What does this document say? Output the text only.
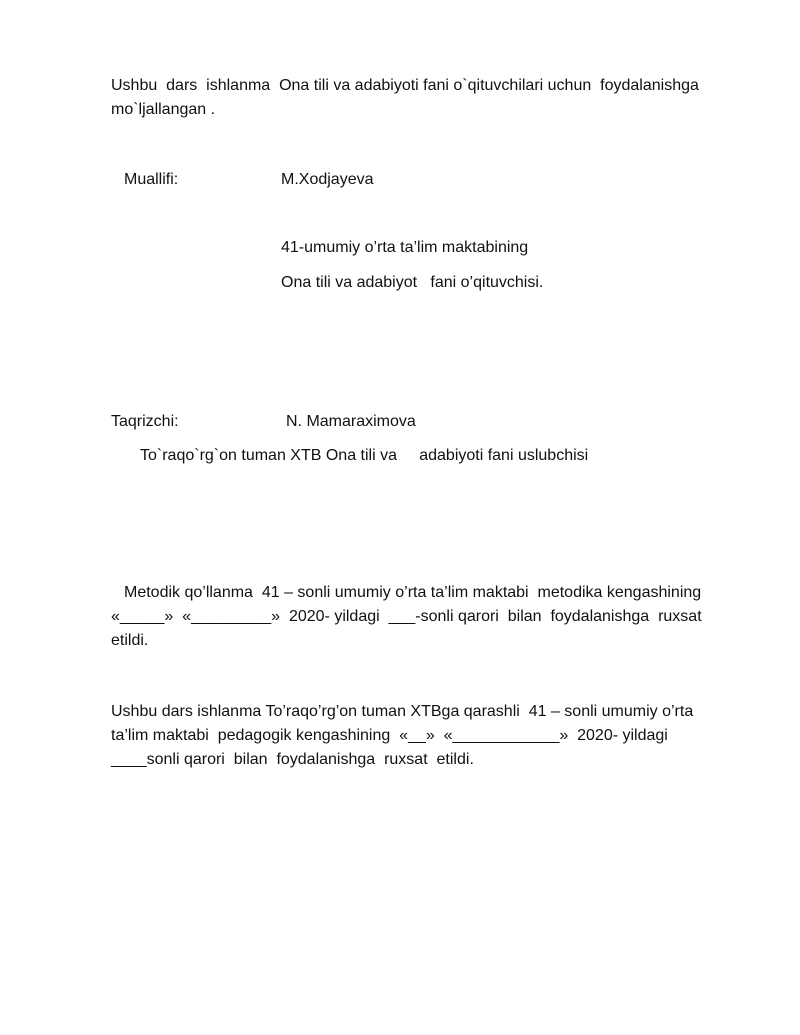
Ushbu  dars  ishlanma  Ona tili va adabiyoti fani o`qituvchilari uchun  foydalanishga
mo`ljallangan .
Muallifi:	M.Xodjayeva
41-umumiy o’rta ta’lim maktabining
Ona tili va adabiyot   fani o’qituvchisi.
Taqrizchi:	N. Mamaraximova
To`raqo`rg`on tuman XTB Ona tili va     adabiyoti fani uslubchisi
Metodik qo’llanma  41 – sonli umumiy o’rta ta’lim maktabi  metodika kengashining
«_____»  «_________»  2020- yildagi  ___-sonli qarori  bilan  foydalanishga  ruxsat
etildi.
Ushbu dars ishlanma To’raqo’rg’on tuman XTBga qarashli  41 – sonli umumiy o’rta
ta’lim maktabi  pedagogik kengashining  «__»  «____________»  2020- yildagi
____sonli qarori  bilan  foydalanishga  ruxsat  etildi.
